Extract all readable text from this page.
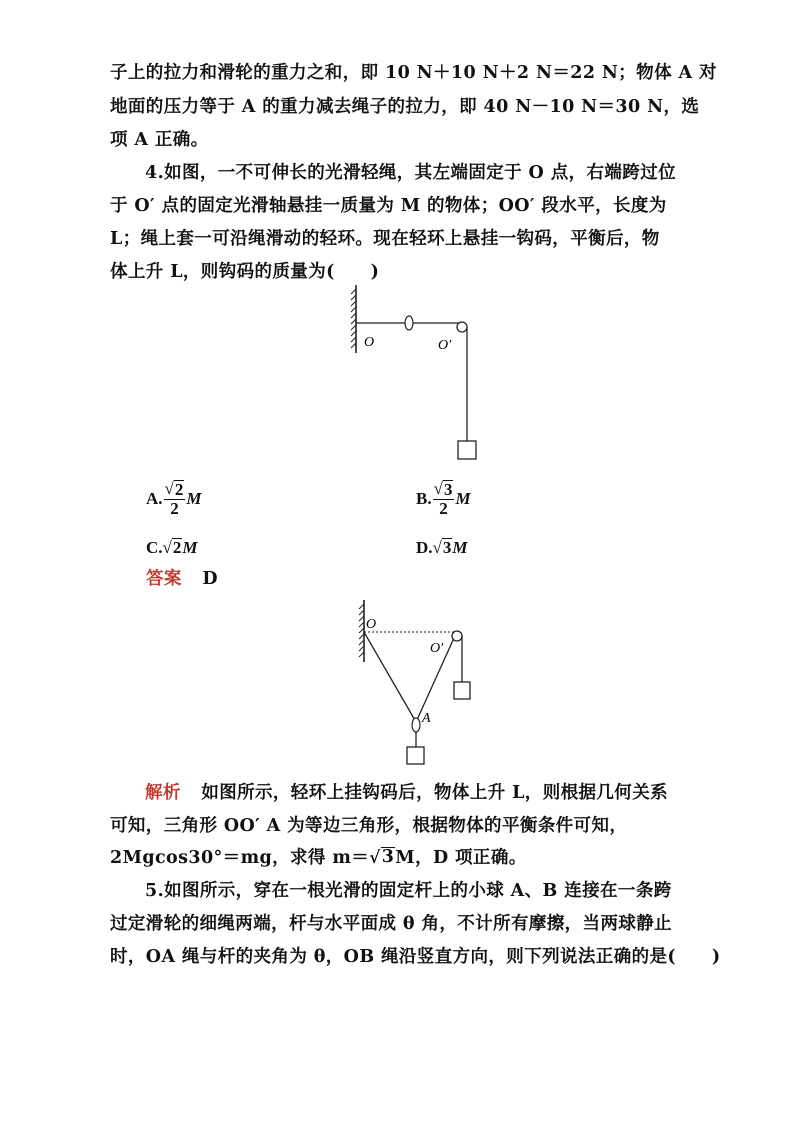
子上的拉力和滑轮的重力之和，即 10 N＋10 N＋2 N＝22 N；物体 A 对
地面的压力等于 A 的重力减去绳子的拉力，即 40 N－10 N＝30 N，选
项 A 正确。
4.如图，一不可伸长的光滑轻绳，其左端固定于 O 点，右端跨过位
于 O′ 点的固定光滑轴悬挂一质量为 M 的物体；OO′ 段水平，长度为
L；绳上套一可沿绳滑动的轻环。现在轻环上悬挂一钩码，平衡后，物
体上升 L，则钩码的质量为(　　)
O	O′
A. $\frac{√ 2}{2}$ M	B. $\frac{√ 3}{2}$ M
C. √ 2 M	D. √ 3 M
答案 D
O
O′
A
解析 如图所示，轻环上挂钩码后，物体上升 L，则根据几何关系
可知，三角形 OO′ A 为等边三角形，根据物体的平衡条件可知，
2Mgcos30°＝mg，求得 m＝ √ 3 M，D 项正确。
5.如图所示，穿在一根光滑的固定杆上的小球 A、B 连接在一条跨
过定滑轮的细绳两端，杆与水平面成 θ 角，不计所有摩擦，当两球静止
时，OA 绳与杆的夹角为 θ，OB 绳沿竖直方向，则下列说法正确的是(　　)
